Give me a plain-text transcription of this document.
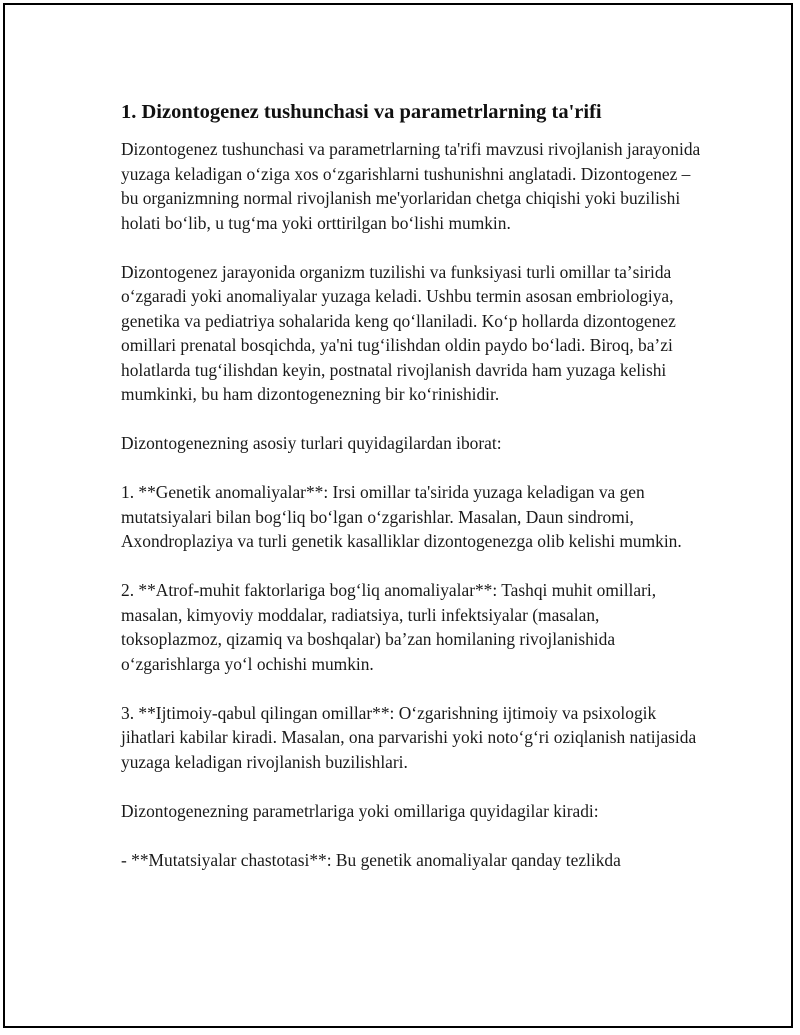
1. Dizontogenez tushunchasi va parametrlarning ta'rifi

Dizontogenez tushunchasi va parametrlarning ta'rifi mavzusi rivojlanish jarayonida yuzaga keladigan oʻziga xos oʻzgarishlarni tushunishni anglatadi. Dizontogenez – bu organizmning normal rivojlanish me'yorlaridan chetga chiqishi yoki buzilishi holati boʻlib, u tugʻma yoki orttirilgan boʻlishi mumkin.

Dizontogenez jarayonida organizm tuzilishi va funksiyasi turli omillar taʼsirida oʻzgaradi yoki anomaliyalar yuzaga keladi. Ushbu termin asosan embriologiya, genetika va pediatriya sohalarida keng qoʻllaniladi. Koʻp hollarda dizontogenez omillari prenatal bosqichda, ya'ni tugʻilishdan oldin paydo boʻladi. Biroq, baʼzi holatlarda tugʻilishdan keyin, postnatal rivojlanish davrida ham yuzaga kelishi mumkinki, bu ham dizontogenezning bir koʻrinishidir.

Dizontogenezning asosiy turlari quyidagilardan iborat:

1. **Genetik anomaliyalar**: Irsi omillar ta'sirida yuzaga keladigan va gen mutatsiyalari bilan bogʻliq boʻlgan oʻzgarishlar. Masalan, Daun sindromi, Axondroplaziya va turli genetik kasalliklar dizontogenezga olib kelishi mumkin.

2. **Atrof-muhit faktorlariga bogʻliq anomaliyalar**: Tashqi muhit omillari, masalan, kimyoviy moddalar, radiatsiya, turli infektsiyalar (masalan, toksoplazmoz, qizamiq va boshqalar) baʼzan homilaning rivojlanishida oʻzgarishlarga yoʻl ochishi mumkin.

3. **Ijtimoiy-qabul qilingan omillar**: Oʻzgarishning ijtimoiy va psixologik jihatlari kabilar kiradi. Masalan, ona parvarishi yoki notoʻgʻri oziqlanish natijasida yuzaga keladigan rivojlanish buzilishlari.

Dizontogenezning parametrlariga yoki omillariga quyidagilar kiradi:

- **Mutatsiyalar chastotasi**: Bu genetik anomaliyalar qanday tezlikda
